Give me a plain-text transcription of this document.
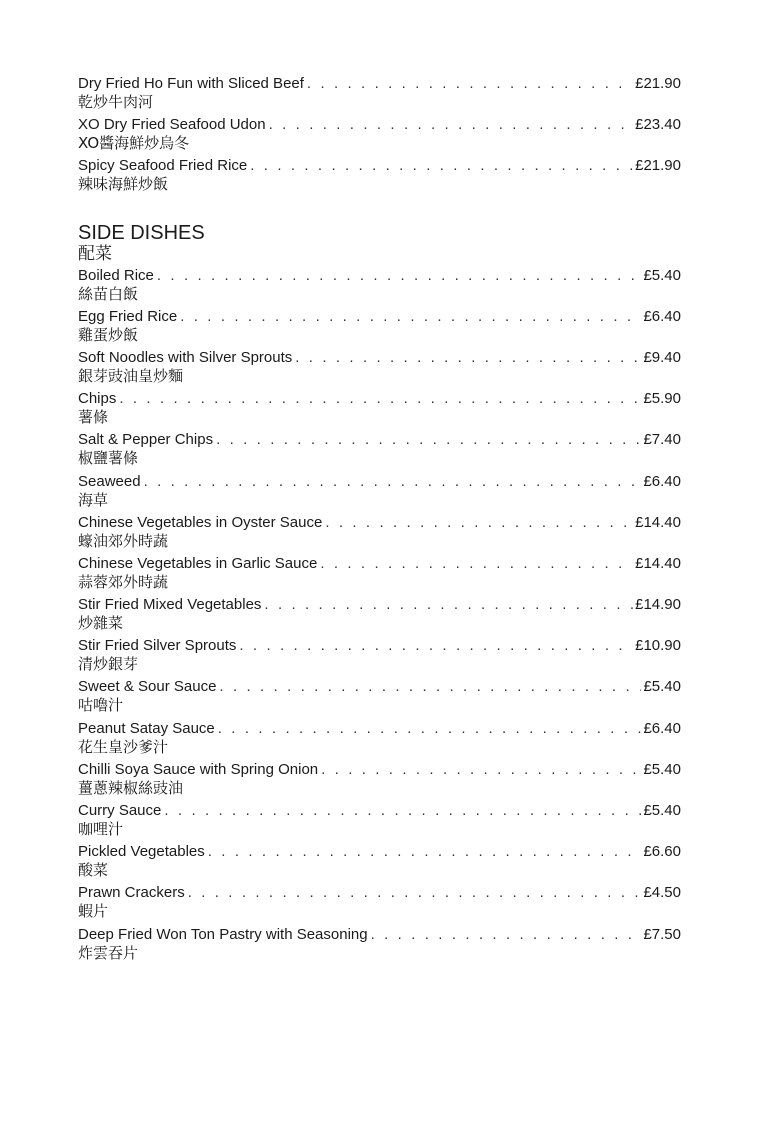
Dry Fried Ho Fun with Sliced Beef . . .	£21.90
乾炒牛肉河
XO Dry Fried Seafood Udon . . .	£23.40
XO醬海鮮炒烏冬
Spicy Seafood Fried Rice . . .	£21.90
辣味海鮮炒飯
SIDE DISHES
配菜
Boiled Rice . . .	£5.40
絲苗白飯
Egg Fried Rice . . .	£6.40
雞蛋炒飯
Soft Noodles with Silver Sprouts . . .	£9.40
銀芽豉油皇炒麵
Chips . . .	£5.90
薯條
Salt & Pepper Chips . . .	£7.40
椒鹽薯條
Seaweed . . .	£6.40
海草
Chinese Vegetables in Oyster Sauce . . .	£14.40
蠔油郊外時蔬
Chinese Vegetables in Garlic Sauce . . .	£14.40
蒜蓉郊外時蔬
Stir Fried Mixed Vegetables . . .	£14.90
炒雜菜
Stir Fried Silver Sprouts . . .	£10.90
清炒銀芽
Sweet & Sour Sauce . . .	£5.40
咕嚕汁
Peanut Satay Sauce . . .	£6.40
花生皇沙爹汁
Chilli Soya Sauce with Spring Onion . . .	£5.40
薑蔥辣椒絲豉油
Curry Sauce . . .	£5.40
咖哩汁
Pickled Vegetables . . .	£6.60
酸菜
Prawn Crackers . . .	£4.50
蝦片
Deep Fried Won Ton Pastry with Seasoning . . .	£7.50
炸雲吞片
